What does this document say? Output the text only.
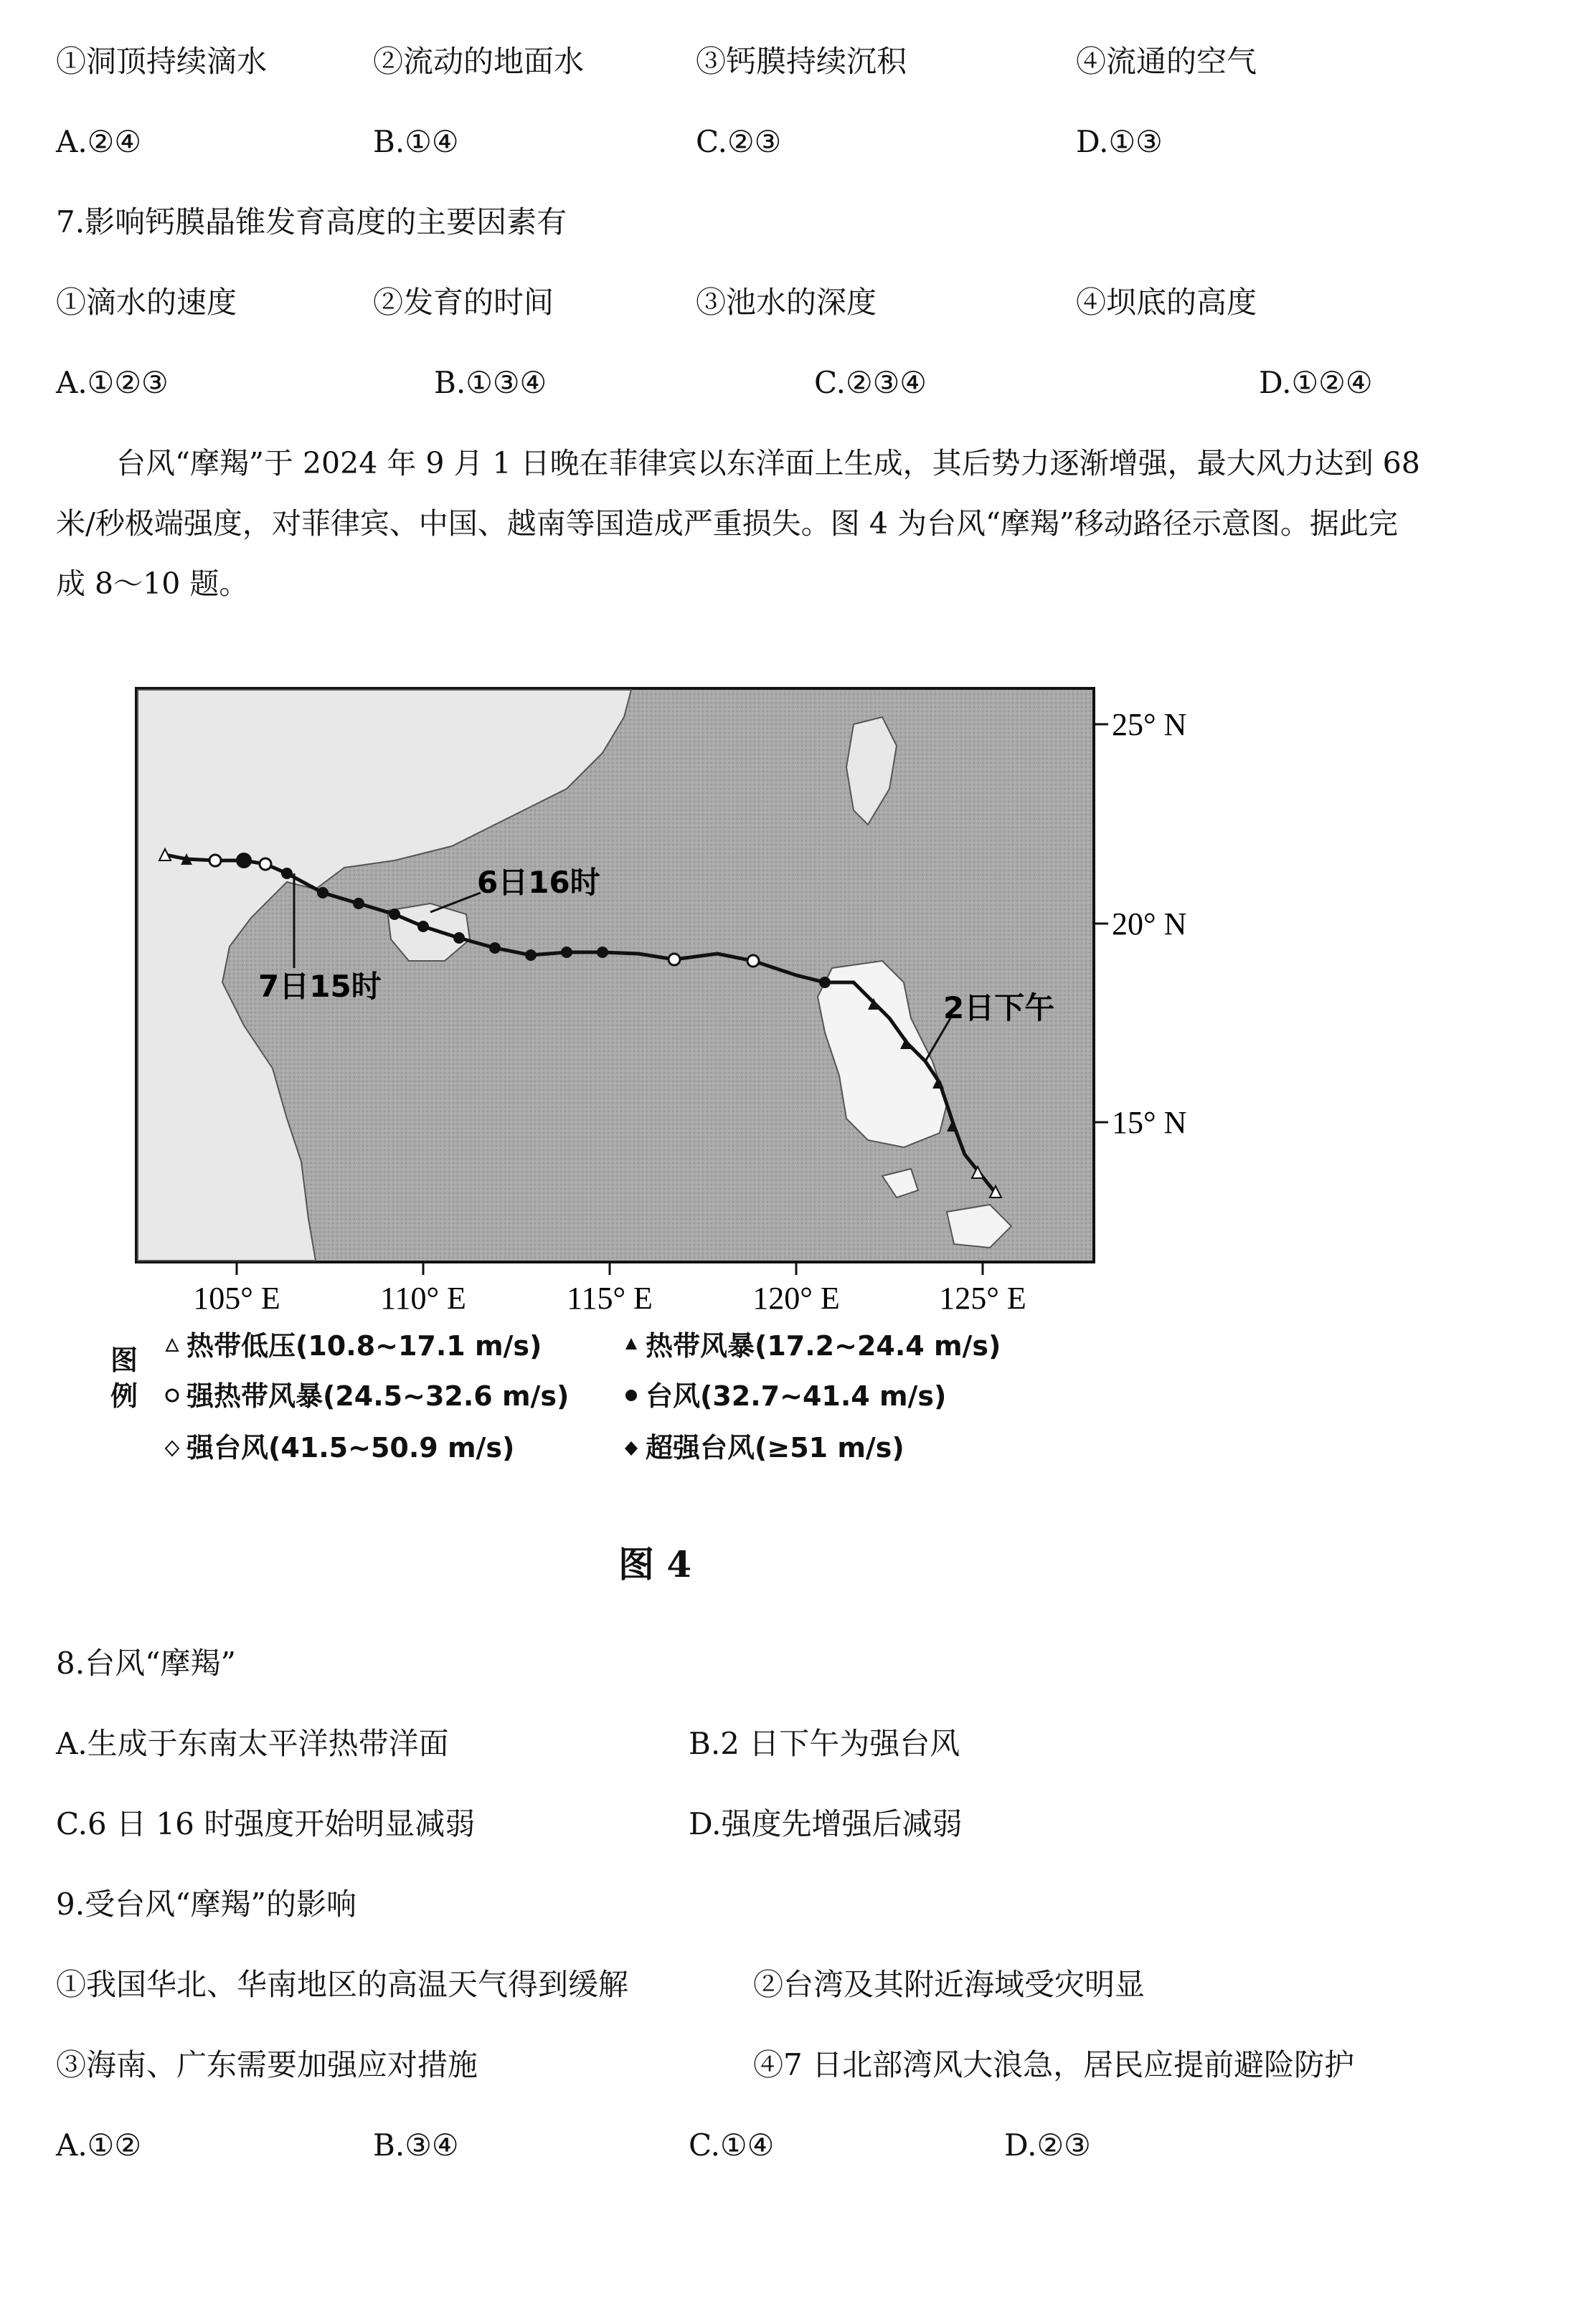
①洞顶持续滴水	②流动的地面水	③钙膜持续沉积	④流通的空气
A.②④	B.①④	C.②③	D.①③
7.影响钙膜晶锥发育高度的主要因素有
①滴水的速度	②发育的时间	③池水的深度	④坝底的高度
A.①②③	B.①③④	C.②③④	D.①②④
台风“摩羯”于 2024 年 9 月 1 日晚在菲律宾以东洋面上生成，其后势力逐渐增强，最大风力达到 68
米/秒极端强度，对菲律宾、中国、越南等国造成严重损失。图 4 为台风“摩羯”移动路径示意图。据此完
成 8～10 题。
6日16时
7日15时
2日下午
25° N
20° N
15° N
105° E	110° E	115° E	120° E	125° E
图
例
热带低压(10.8~17.1 m/s)	热带风暴(17.2~24.4 m/s)
强热带风暴(24.5~32.6 m/s)	台风(32.7~41.4 m/s)
强台风(41.5~50.9 m/s)	超强台风(≥51 m/s)
图 4
8.台风“摩羯”
A.生成于东南太平洋热带洋面	B.2 日下午为强台风
C.6 日 16 时强度开始明显减弱	D.强度先增强后减弱
9.受台风“摩羯”的影响
①我国华北、华南地区的高温天气得到缓解	②台湾及其附近海域受灾明显
③海南、广东需要加强应对措施	④7 日北部湾风大浪急，居民应提前避险防护
A.①②	B.③④	C.①④	D.②③
